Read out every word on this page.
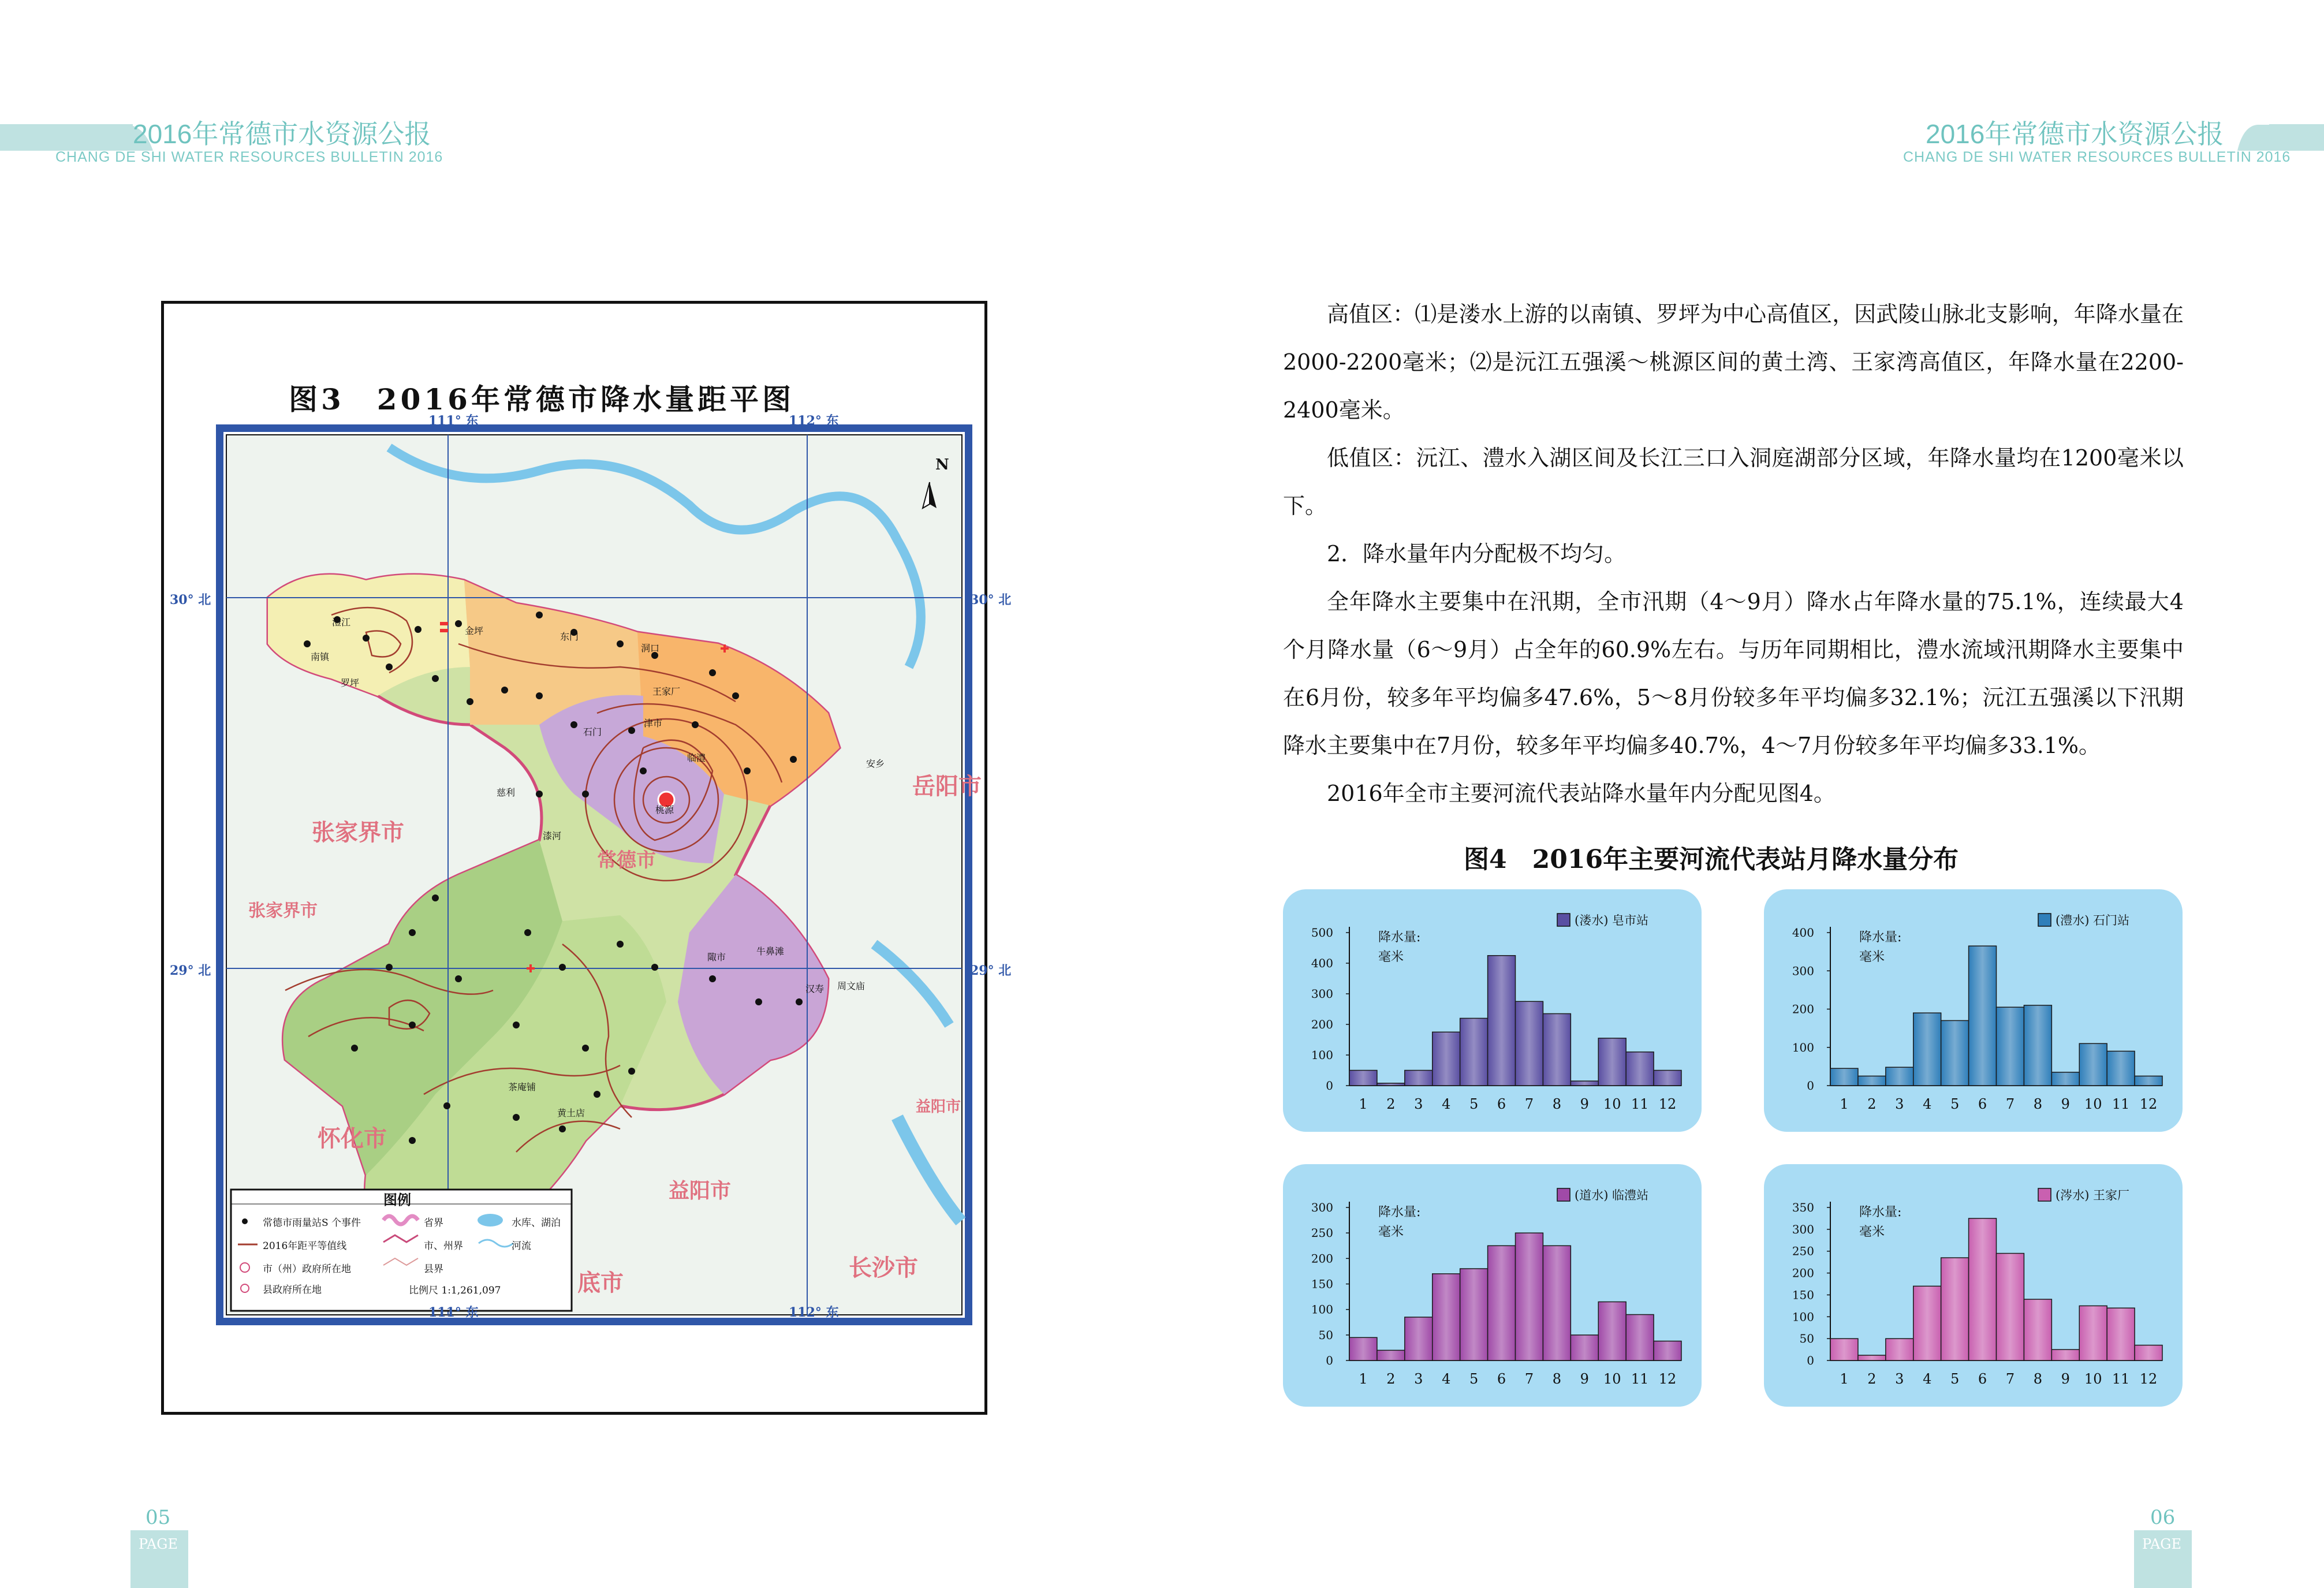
2016年常德市水资源公报
CHANG DE SHI WATER RESOURCES BULLETIN 2016
2016年常德市水资源公报
CHANG DE SHI WATER RESOURCES BULLETIN 2016
图3　2016年常德市降水量距平图
111° 东	112° 东
111° 东	112° 东
30° 北	30° 北
29° 北	29° 北
N
张家界市
张家界市
岳阳市
常德市
怀化市
益阳市
益阳市
长沙市
底市
南镇
罗坪
澧江
东门
洞口
王家厂
石门
临澧
慈利
桃源
汉寿
安乡
津市
漆河
黄土店
茶庵铺
陬市
牛鼻滩
周文庙
金坪
图例
常德市雨量站S 个事件
2016年距平等值线
市（州）政府所在地
县政府所在地
省界
市、州界
县界
水库、湖泊
河流
比例尺 1:1,261,097

高值区：⑴是溇水上游的以南镇、罗坪为中心高值区，因武陵山脉北支影响，年降水量在2000-2200毫米；⑵是沅江五强溪～桃源区间的黄土湾、王家湾高值区，年降水量在2200-2400毫米。

低值区：沅江、澧水入湖区间及长江三口入洞庭湖部分区域，年降水量均在1200毫米以下。

2．降水量年内分配极不均匀。

全年降水主要集中在汛期，全市汛期（4～9月）降水占年降水量的75.1%，连续最大4个月降水量（6～9月）占全年的60.9%左右。与历年同期相比，澧水流域汛期降水主要集中在6月份，较多年平均偏多47.6%，5～8月份较多年平均偏多32.1%；沅江五强溪以下汛期降水主要集中在7月份，较多年平均偏多40.7%，4～7月份较多年平均偏多33.1%。

2016年全市主要河流代表站降水量年内分配见图4。

图4　2016年主要河流代表站月降水量分布
0
100
200
300
400
500
1 2 3 4 5 6 7 8 9 10 11 12
降水量:
毫米
(溇水) 皂市站
0
100
200
300
400
1 2 3 4 5 6 7 8 9 10 11 12
降水量:
毫米
(澧水) 石门站
0
50
100
150
200
250
300
1 2 3 4 5 6 7 8 9 10 11 12
降水量:
毫米
(道水) 临澧站
0
50
100
150
200
250
300
350
1 2 3 4 5 6 7 8 9 10 11 12
降水量:
毫米
(涔水) 王家厂
05
PAGE
06
PAGE
